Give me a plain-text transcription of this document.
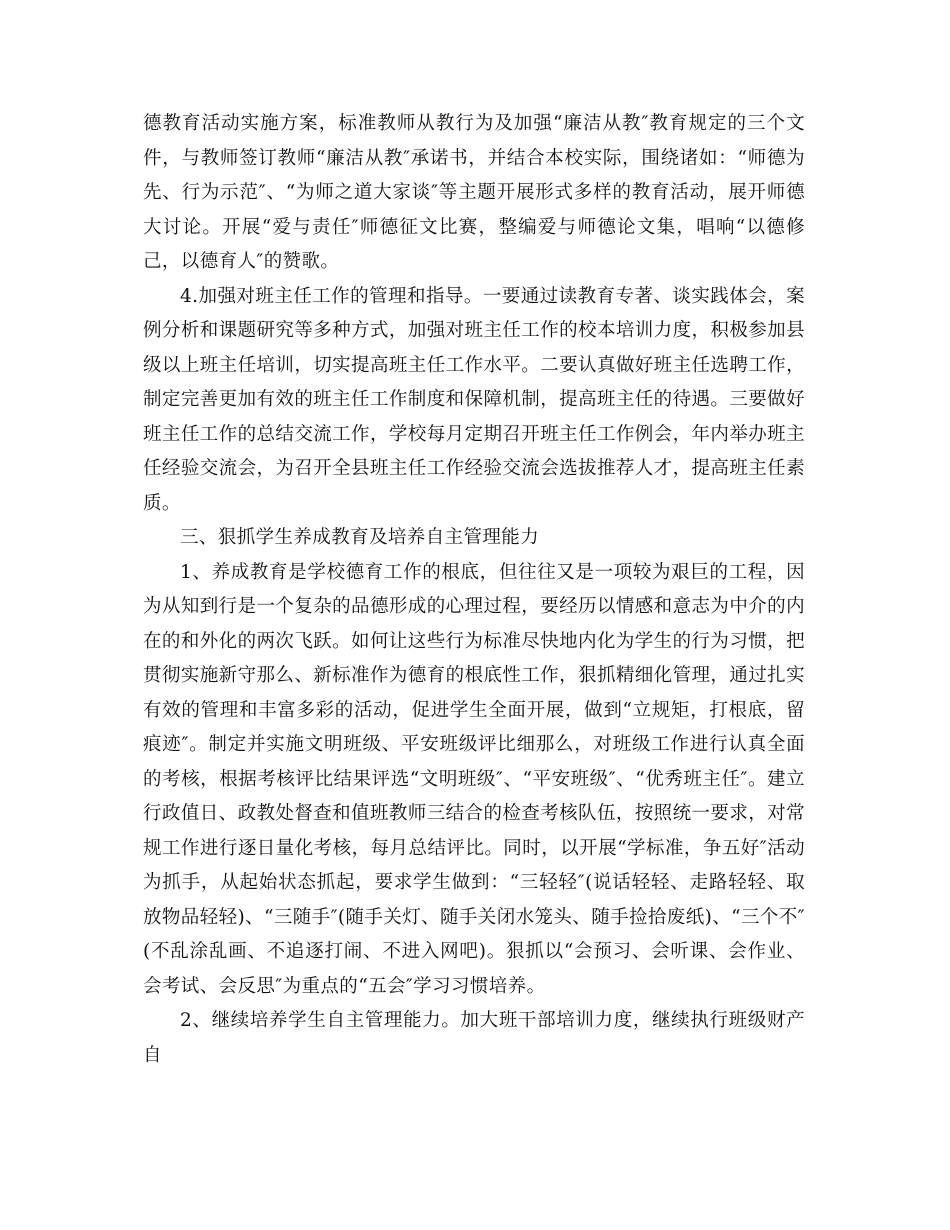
德教育活动实施方案，标准教师从教行为及加强“廉洁从教″教育规定的三个文件，与教师签订教师“廉洁从教″承诺书，并结合本校实际，围绕诸如：“师德为先、行为示范″、“为师之道大家谈″等主题开展形式多样的教育活动，展开师德大讨论。开展“爱与责任″师德征文比赛，整编爱与师德论文集，唱响“以德修己，以德育人″的赞歌。

4.加强对班主任工作的管理和指导。一要通过读教育专著、谈实践体会，案例分析和课题研究等多种方式，加强对班主任工作的校本培训力度，积极参加县级以上班主任培训，切实提高班主任工作水平。二要认真做好班主任选聘工作，制定完善更加有效的班主任工作制度和保障机制，提高班主任的待遇。三要做好班主任工作的总结交流工作，学校每月定期召开班主任工作例会，年内举办班主任经验交流会，为召开全县班主任工作经验交流会选拔推荐人才，提高班主任素质。

三、狠抓学生养成教育及培养自主管理能力

1、养成教育是学校德育工作的根底，但往往又是一项较为艰巨的工程，因为从知到行是一个复杂的品德形成的心理过程，要经历以情感和意志为中介的内在的和外化的两次飞跃。如何让这些行为标准尽快地内化为学生的行为习惯，把贯彻实施新守那么、新标准作为德育的根底性工作，狠抓精细化管理，通过扎实有效的管理和丰富多彩的活动，促进学生全面开展，做到“立规矩，打根底，留痕迹″。制定并实施文明班级、平安班级评比细那么，对班级工作进行认真全面的考核，根据考核评比结果评选“文明班级″、“平安班级″、“优秀班主任″。建立行政值日、政教处督查和值班教师三结合的检查考核队伍，按照统一要求，对常规工作进行逐日量化考核，每月总结评比。同时，以开展“学标准，争五好″活动为抓手，从起始状态抓起，要求学生做到：“三轻轻″(说话轻轻、走路轻轻、取放物品轻轻)、“三随手″(随手关灯、随手关闭水笼头、随手捡拾废纸)、“三个不″(不乱涂乱画、不追逐打闹、不进入网吧)。狠抓以“会预习、会听课、会作业、会考试、会反思″为重点的“五会″学习习惯培养。

2、继续培养学生自主管理能力。加大班干部培训力度，继续执行班级财产自
